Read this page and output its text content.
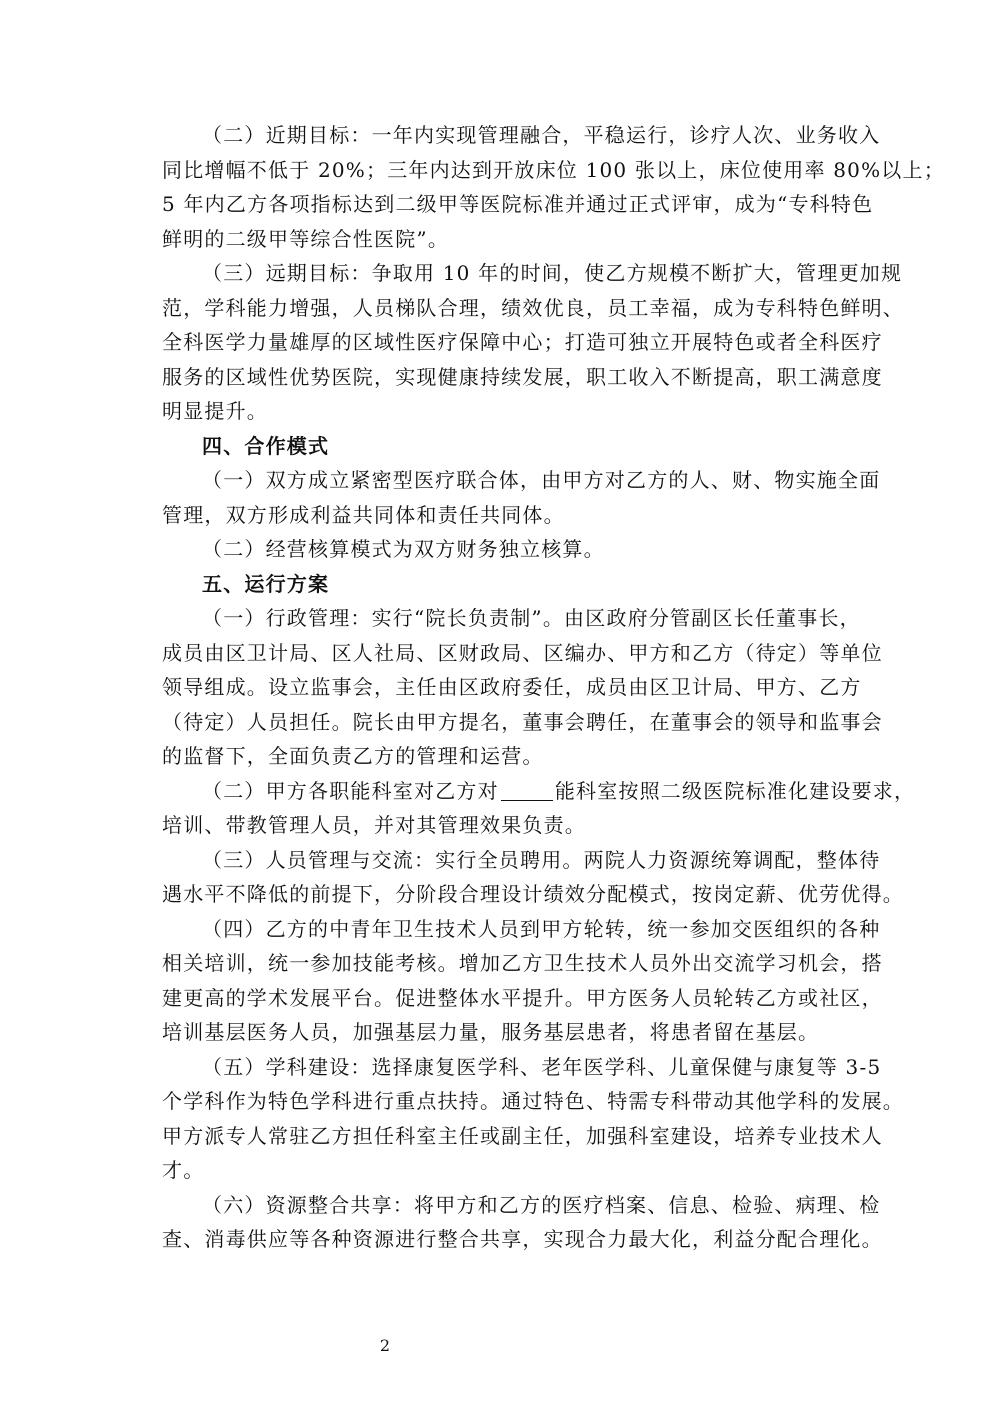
（二）近期目标：一年内实现管理融合，平稳运行，诊疗人次、业务收入
同比增幅不低于 20%；三年内达到开放床位 100 张以上，床位使用率 80%以上；
5 年内乙方各项指标达到二级甲等医院标准并通过正式评审，成为“专科特色
鲜明的二级甲等综合性医院”。

（三）远期目标：争取用 10 年的时间，使乙方规模不断扩大，管理更加规
范，学科能力增强，人员梯队合理，绩效优良，员工幸福，成为专科特色鲜明、
全科医学力量雄厚的区域性医疗保障中心；打造可独立开展特色或者全科医疗
服务的区域性优势医院，实现健康持续发展，职工收入不断提高，职工满意度
明显提升。

四、合作模式

（一）双方成立紧密型医疗联合体，由甲方对乙方的人、财、物实施全面
管理，双方形成利益共同体和责任共同体。

（二）经营核算模式为双方财务独立核算。

五、运行方案

（一）行政管理：实行“院长负责制”。由区政府分管副区长任董事长，
成员由区卫计局、区人社局、区财政局、区编办、甲方和乙方（待定）等单位
领导组成。设立监事会，主任由区政府委任，成员由区卫计局、甲方、乙方
（待定）人员担任。院长由甲方提名，董事会聘任，在董事会的领导和监事会
的监督下，全面负责乙方的管理和运营。

（二）甲方各职能科室对乙方对	能科室按照二级医院标准化建设要求，
培训、带教管理人员，并对其管理效果负责。

（三）人员管理与交流：实行全员聘用。两院人力资源统筹调配，整体待
遇水平不降低的前提下，分阶段合理设计绩效分配模式，按岗定薪、优劳优得。

（四）乙方的中青年卫生技术人员到甲方轮转，统一参加交医组织的各种
相关培训，统一参加技能考核。增加乙方卫生技术人员外出交流学习机会，搭
建更高的学术发展平台。促进整体水平提升。甲方医务人员轮转乙方或社区，
培训基层医务人员，加强基层力量，服务基层患者，将患者留在基层。

（五）学科建设：选择康复医学科、老年医学科、儿童保健与康复等 3-5
个学科作为特色学科进行重点扶持。通过特色、特需专科带动其他学科的发展。
甲方派专人常驻乙方担任科室主任或副主任，加强科室建设，培养专业技术人
才。

（六）资源整合共享：将甲方和乙方的医疗档案、信息、检验、病理、检
查、消毒供应等各种资源进行整合共享，实现合力最大化，利益分配合理化。

2
